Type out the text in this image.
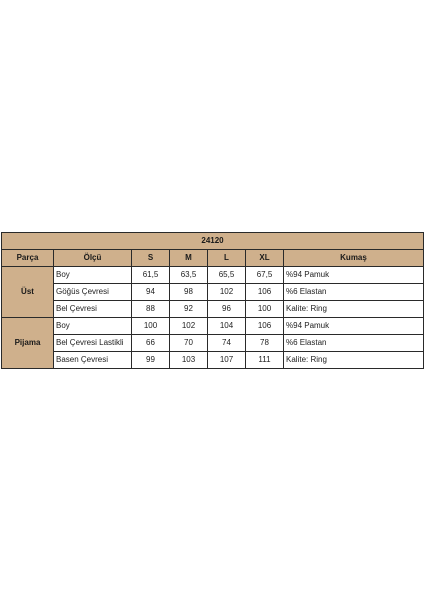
24120						
Parça	Ölçü	S	M	L	XL	Kumaş
Üst	Boy	61,5	63,5	65,5	67,5	%94 Pamuk
	Göğüs Çevresi	94	98	102	106	%6 Elastan
	Bel Çevresi	88	92	96	100	Kalite: Ring
Pijama	Boy	100	102	104	106	%94 Pamuk
	Bel Çevresi Lastikli	66	70	74	78	%6 Elastan
	Basen Çevresi	99	103	107	111	Kalite: Ring
